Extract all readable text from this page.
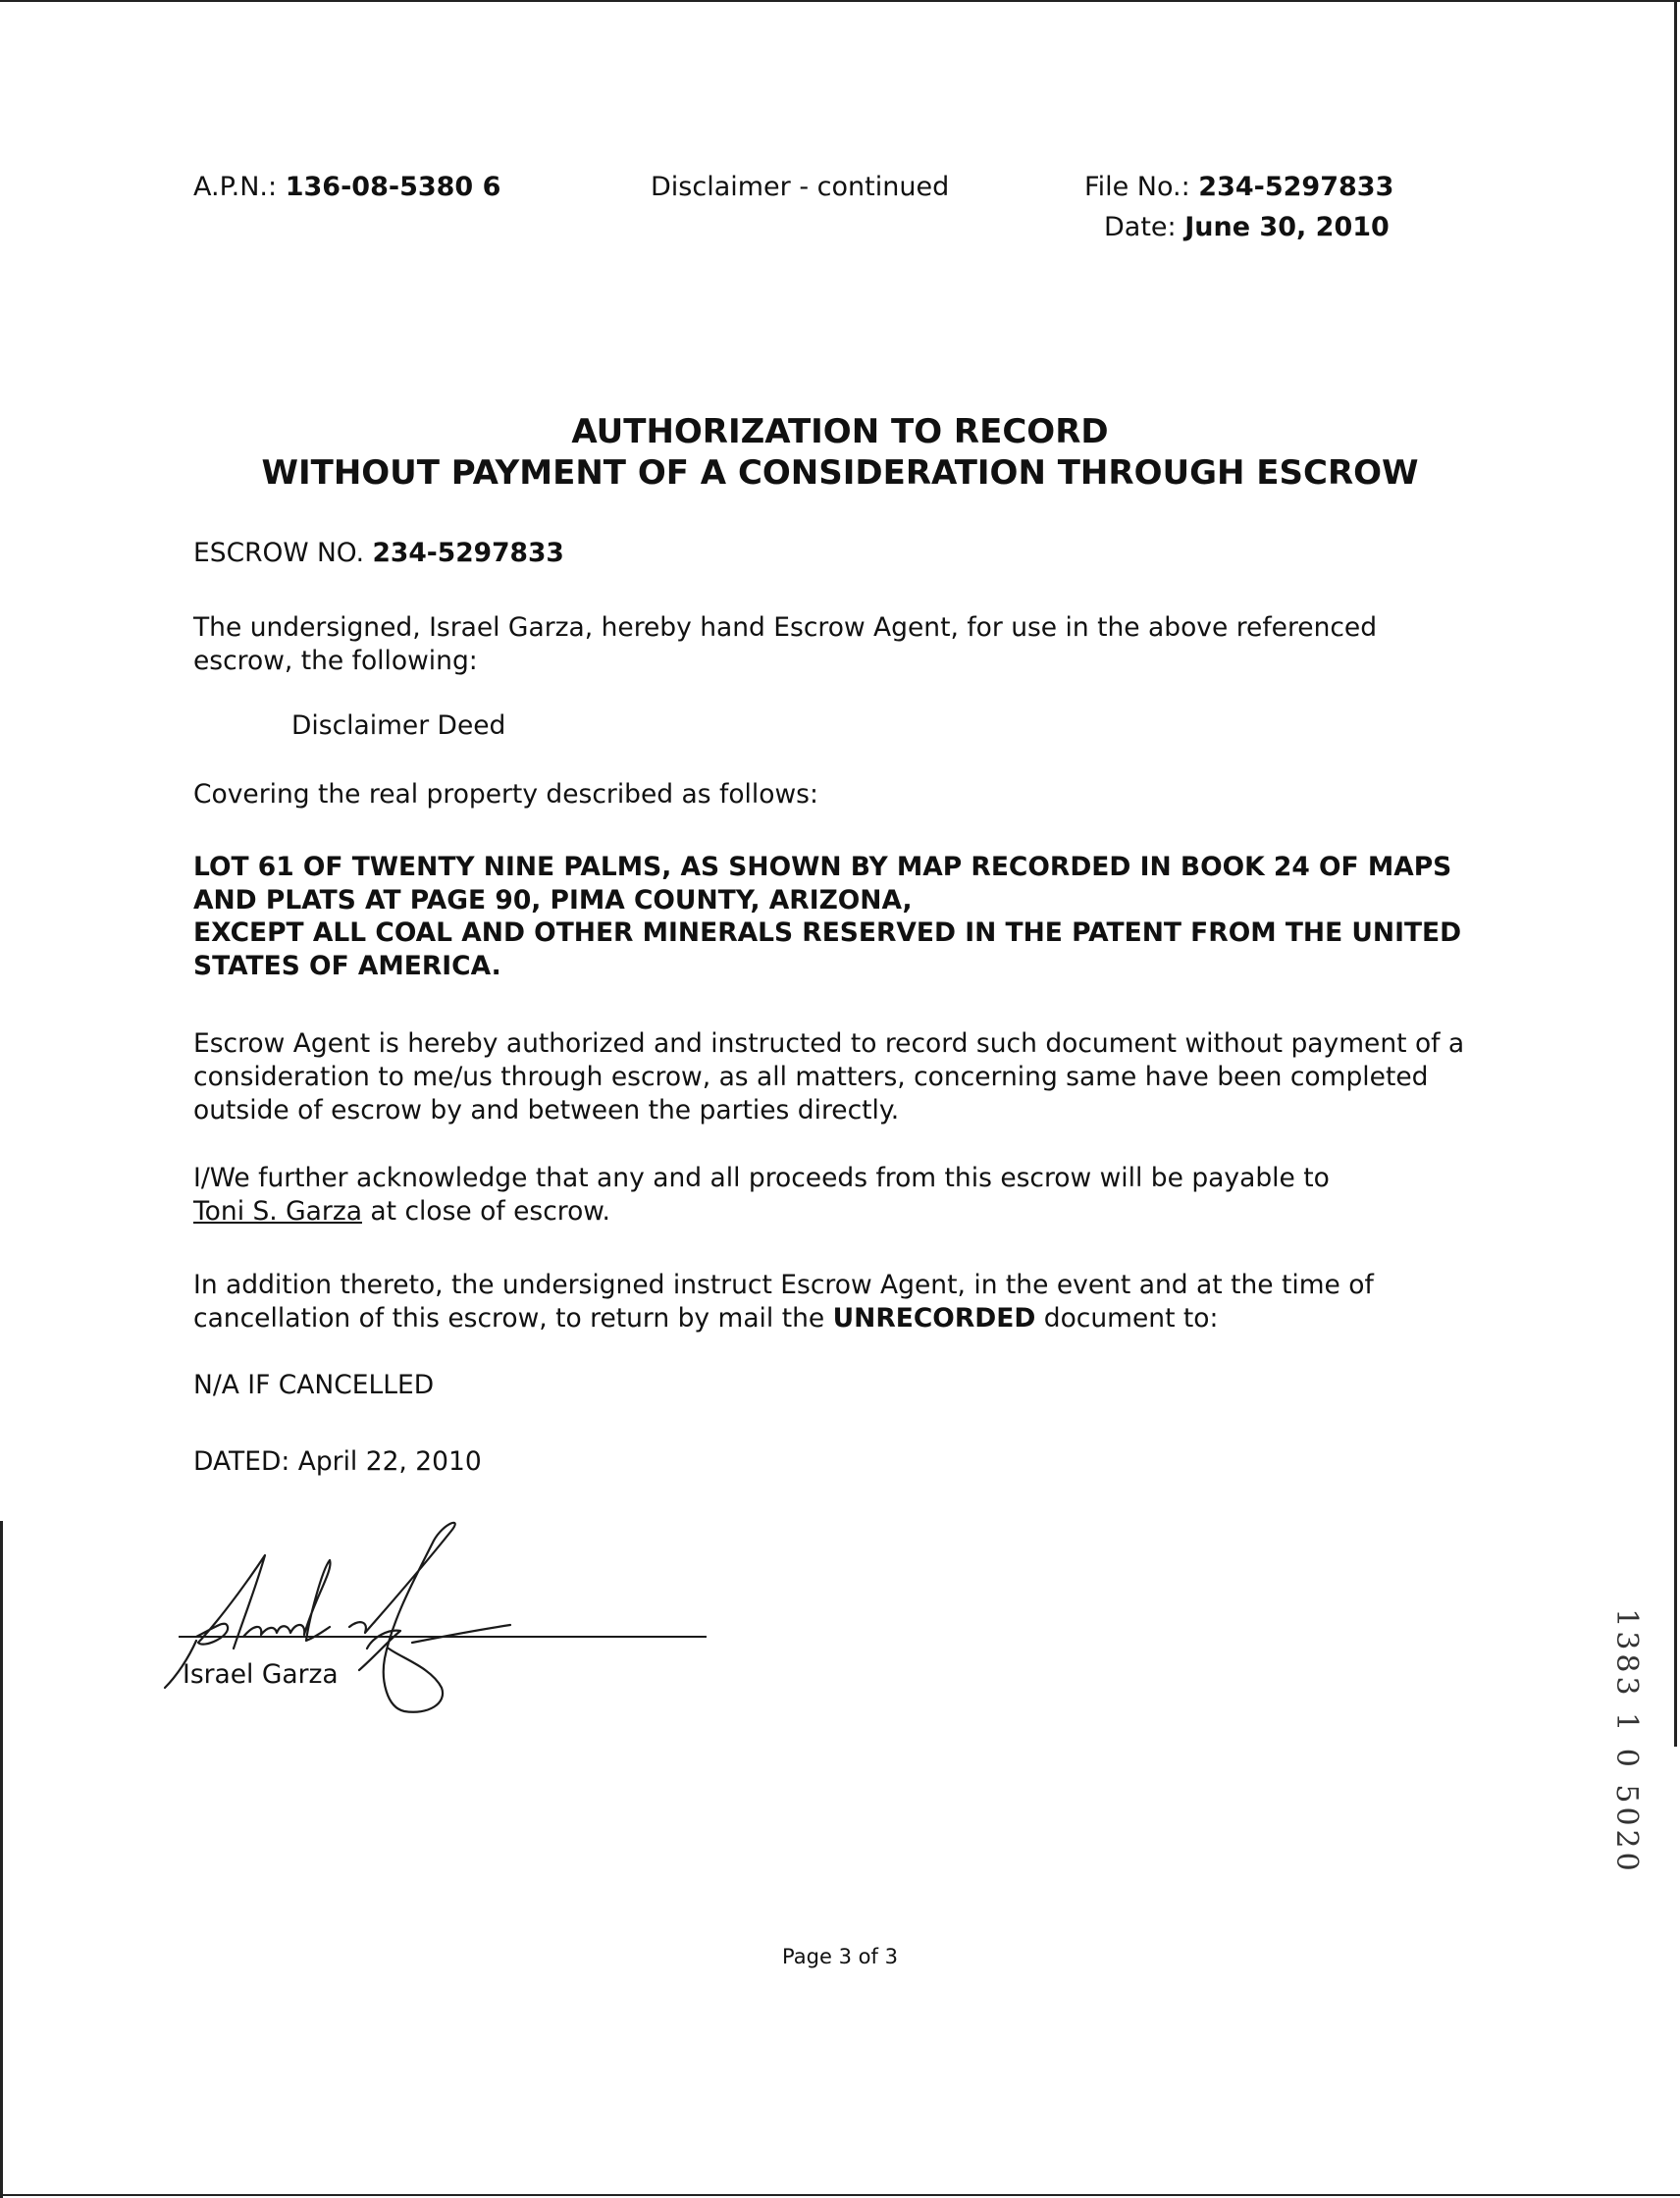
A.P.N.: 136-08-5380 6	Disclaimer - continued	File No.: 234-5297833
Date: June 30, 2010
AUTHORIZATION TO RECORD
WITHOUT PAYMENT OF A CONSIDERATION THROUGH ESCROW
ESCROW NO. 234-5297833
The undersigned, Israel Garza, hereby hand Escrow Agent, for use in the above referenced escrow, the following:
Disclaimer Deed
Covering the real property described as follows:
LOT 61 OF TWENTY NINE PALMS, AS SHOWN BY MAP RECORDED IN BOOK 24 OF MAPS AND PLATS AT PAGE 90, PIMA COUNTY, ARIZONA,
EXCEPT ALL COAL AND OTHER MINERALS RESERVED IN THE PATENT FROM THE UNITED STATES OF AMERICA.
Escrow Agent is hereby authorized and instructed to record such document without payment of a consideration to me/us through escrow, as all matters, concerning same have been completed outside of escrow by and between the parties directly.
I/We further acknowledge that any and all proceeds from this escrow will be payable to Toni S. Garza at close of escrow.
In addition thereto, the undersigned instruct Escrow Agent, in the event and at the time of cancellation of this escrow, to return by mail the UNRECORDED document to:
N/A IF CANCELLED
DATED: April 22, 2010
Israel Garza	1383 1 0 5020
Page 3 of 3
